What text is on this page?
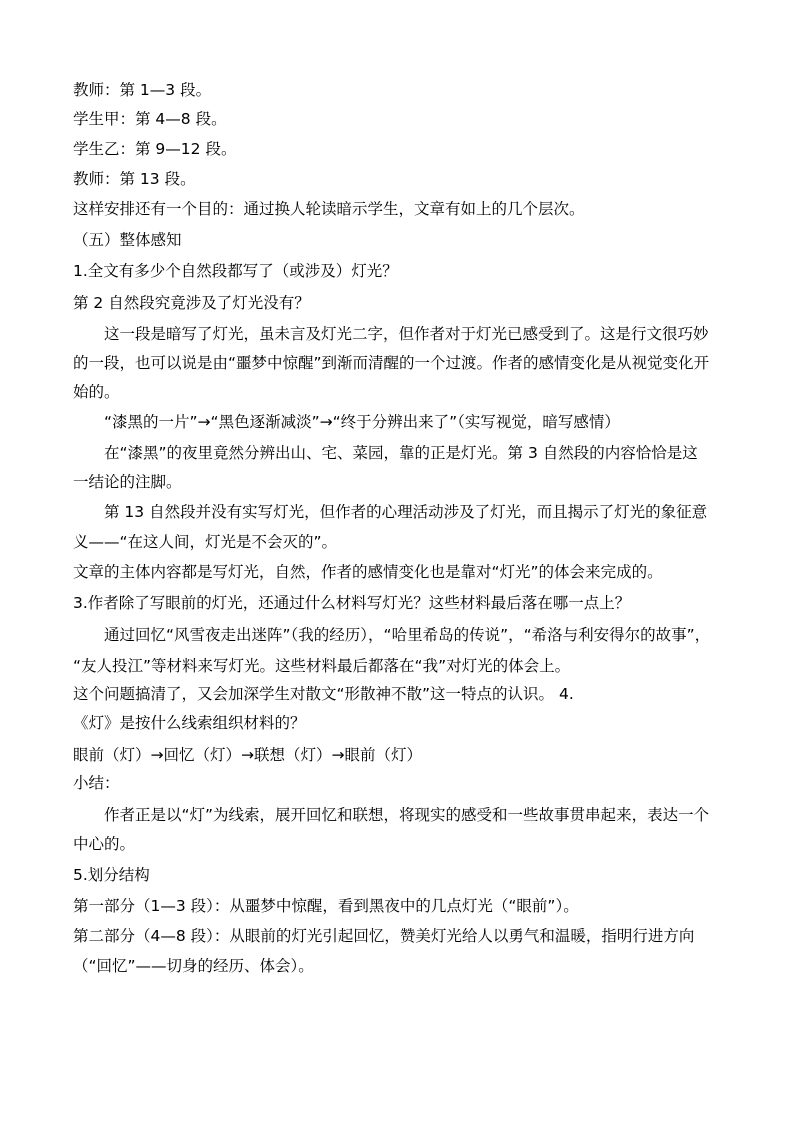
教师：第 1—3 段。
学生甲：第 4—8 段。
学生乙：第 9—12 段。
教师：第 13 段。
这样安排还有一个目的：通过换人轮读暗示学生，文章有如上的几个层次。
（五）整体感知
1.全文有多少个自然段都写了（或涉及）灯光？
第 2 自然段究竟涉及了灯光没有？
这一段是暗写了灯光，虽未言及灯光二字，但作者对于灯光已感受到了。这是行文很巧妙
的一段，也可以说是由“噩梦中惊醒”到渐而清醒的一个过渡。作者的感情变化是从视觉变化开
始的。
“漆黑的一片”→“黑色逐渐减淡”→“终于分辨出来了”（实写视觉，暗写感情）
在“漆黑”的夜里竟然分辨出山、宅、菜园，靠的正是灯光。第 3 自然段的内容恰恰是这
一结论的注脚。
第 13 自然段并没有实写灯光，但作者的心理活动涉及了灯光，而且揭示了灯光的象征意
义——“在这人间，灯光是不会灭的”。
文章的主体内容都是写灯光，自然，作者的感情变化也是靠对“灯光”的体会来完成的。
3.作者除了写眼前的灯光，还通过什么材料写灯光？这些材料最后落在哪一点上？
通过回忆“风雪夜走出迷阵”（我的经历），“哈里希岛的传说”，“希洛与利安得尔的故事”，
“友人投江”等材料来写灯光。这些材料最后都落在“我”对灯光的体会上。
这个问题搞清了，又会加深学生对散文“形散神不散”这一特点的认识。 4.
《灯》是按什么线索组织材料的？
眼前（灯）→回忆（灯）→联想（灯）→眼前（灯）
小结：
作者正是以“灯”为线索，展开回忆和联想，将现实的感受和一些故事贯串起来，表达一个
中心的。
5.划分结构
第一部分（1—3 段）：从噩梦中惊醒，看到黑夜中的几点灯光（“眼前”）。
第二部分（4—8 段）：从眼前的灯光引起回忆，赞美灯光给人以勇气和温暖，指明行进方向
（“回忆”——切身的经历、体会）。
